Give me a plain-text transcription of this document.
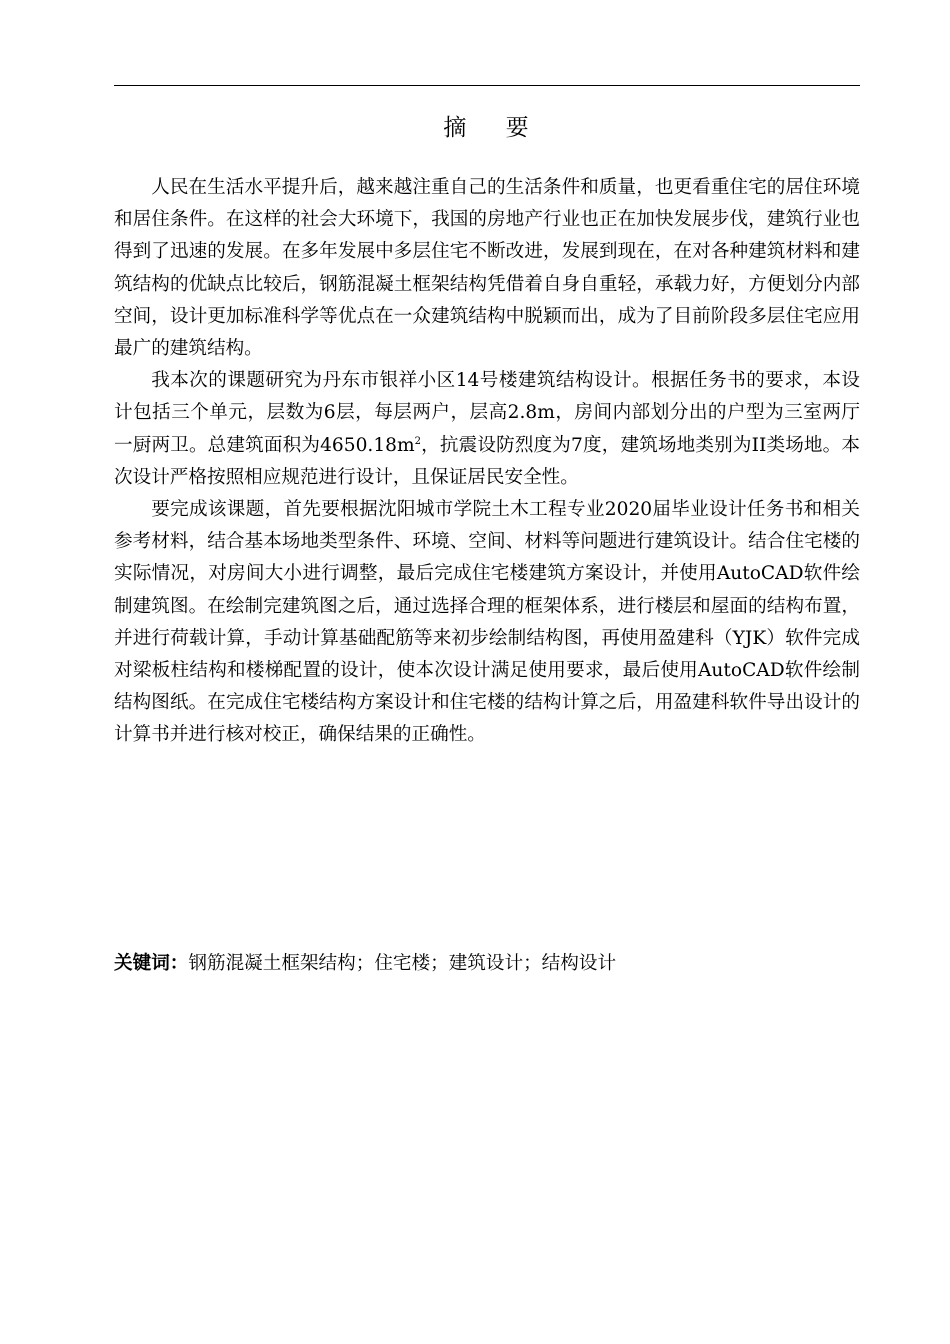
摘    要

人民在生活水平提升后，越来越注重自己的生活条件和质量，也更看重住宅的居住环境和居住条件。在这样的社会大环境下，我国的房地产行业也正在加快发展步伐，建筑行业也得到了迅速的发展。在多年发展中多层住宅不断改进，发展到现在，在对各种建筑材料和建筑结构的优缺点比较后，钢筋混凝土框架结构凭借着自身自重轻，承载力好，方便划分内部空间，设计更加标准科学等优点在一众建筑结构中脱颖而出，成为了目前阶段多层住宅应用最广的建筑结构。

我本次的课题研究为丹东市银祥小区14号楼建筑结构设计。根据任务书的要求，本设计包括三个单元，层数为6层，每层两户，层高2.8m，房间内部划分出的户型为三室两厅一厨两卫。总建筑面积为$4650.18m^2$，抗震设防烈度为7度，建筑场地类别为II类场地。本次设计严格按照相应规范进行设计，且保证居民安全性。

要完成该课题，首先要根据沈阳城市学院土木工程专业2020届毕业设计任务书和相关参考材料，结合基本场地类型条件、环境、空间、材料等问题进行建筑设计。结合住宅楼的实际情况，对房间大小进行调整，最后完成住宅楼建筑方案设计，并使用AutoCAD软件绘制建筑图。在绘制完建筑图之后，通过选择合理的框架体系，进行楼层和屋面的结构布置，并进行荷载计算，手动计算基础配筋等来初步绘制结构图，再使用盈建科（YJK）软件完成对梁板柱结构和楼梯配置的设计，使本次设计满足使用要求，最后使用AutoCAD软件绘制结构图纸。在完成住宅楼结构方案设计和住宅楼的结构计算之后，用盈建科软件导出设计的计算书并进行核对校正，确保结果的正确性。

关键词：钢筋混凝土框架结构；住宅楼；建筑设计；结构设计
